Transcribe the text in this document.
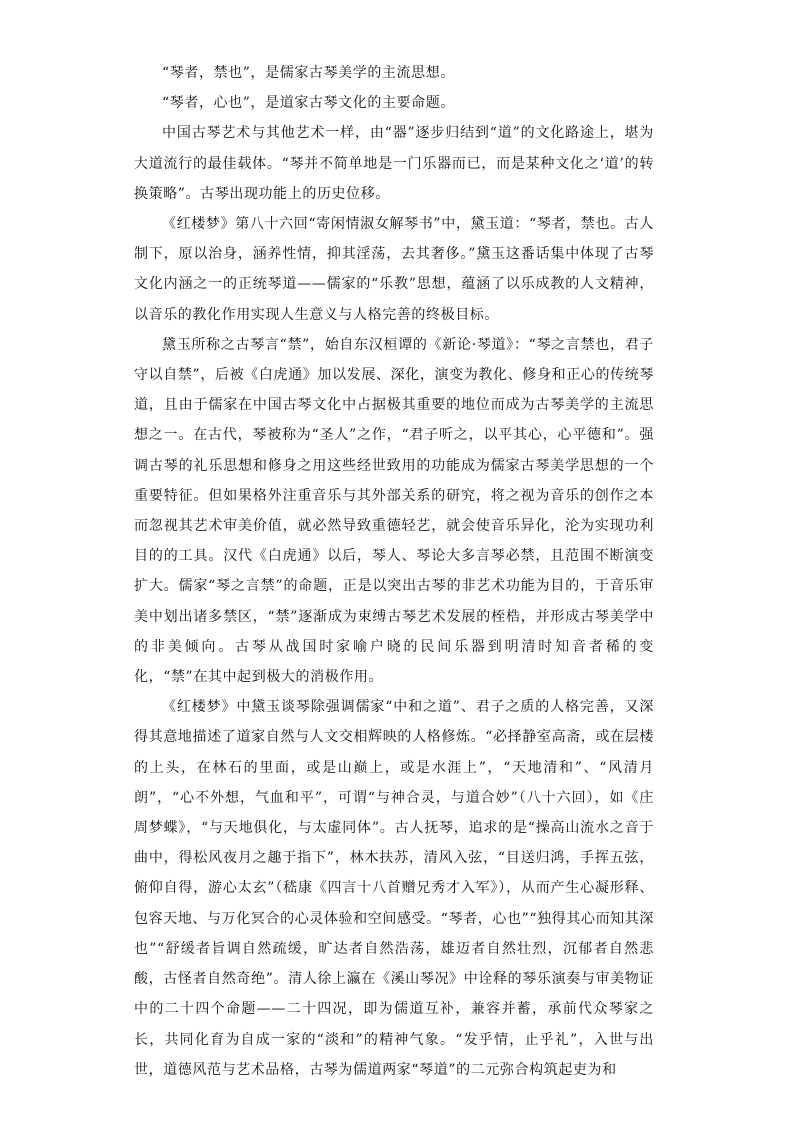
“琴者，禁也”，是儒家古琴美学的主流思想。

“琴者，心也”，是道家古琴文化的主要命题。

中国古琴艺术与其他艺术一样，由“器”逐步归结到“道”的文化路途上，堪为大道流行的最佳载体。“琴并不简单地是一门乐器而已，而是某种文化之‘道’的转换策略”。古琴出现功能上的历史位移。

《红楼梦》第八十六回“寄闲情淑女解琴书”中，黛玉道：“琴者，禁也。古人制下，原以治身，涵养性情，抑其淫荡，去其奢侈。”黛玉这番话集中体现了古琴文化内涵之一的正统琴道——儒家的“乐教”思想，蕴涵了以乐成教的人文精神，以音乐的教化作用实现人生意义与人格完善的终极目标。

黛玉所称之古琴言“禁”，始自东汉桓谭的《新论·琴道》：“琴之言禁也，君子守以自禁”，后被《白虎通》加以发展、深化，演变为教化、修身和正心的传统琴道，且由于儒家在中国古琴文化中占据极其重要的地位而成为古琴美学的主流思想之一。在古代，琴被称为“圣人”之作，“君子听之，以平其心，心平德和”。强调古琴的礼乐思想和修身之用这些经世致用的功能成为儒家古琴美学思想的一个重要特征。但如果格外注重音乐与其外部关系的研究，将之视为音乐的创作之本而忽视其艺术审美价值，就必然导致重德轻艺，就会使音乐异化，沦为实现功利目的的工具。汉代《白虎通》以后，琴人、琴论大多言琴必禁，且范围不断演变扩大。儒家“琴之言禁”的命题，正是以突出古琴的非艺术功能为目的，于音乐审美中划出诸多禁区，“禁”逐渐成为束缚古琴艺术发展的桎梏，并形成古琴美学中的非美倾向。古琴从战国时家喻户晓的民间乐器到明清时知音者稀的变化，“禁”在其中起到极大的消极作用。

《红楼梦》中黛玉谈琴除强调儒家“中和之道”、君子之质的人格完善，又深得其意地描述了道家自然与人文交相辉映的人格修炼。“必择静室高斋，或在层楼的上头，在林石的里面，或是山巅上，或是水涯上”，“天地清和”、“风清月朗”，“心不外想，气血和平”，可谓“与神合灵，与道合妙”（八十六回），如《庄周梦蝶》，“与天地俱化，与太虚同体”。古人抚琴，追求的是“操高山流水之音于曲中，得松风夜月之趣于指下”，林木扶苏，清风入弦，“目送归鸿，手挥五弦，俯仰自得，游心太玄”（嵇康《四言十八首赠兄秀才入军》），从而产生心凝形释、包容天地、与万化冥合的心灵体验和空间感受。“琴者，心也”“独得其心而知其深也”“舒缓者旨调自然疏缓，旷达者自然浩荡，雄迈者自然壮烈，沉郁者自然悲酸，古怪者自然奇绝”。清人徐上瀛在《溪山琴况》中诠释的琴乐演奏与审美物证中的二十四个命题——二十四况，即为儒道互补，兼容并蓄，承前代众琴家之长，共同化育为自成一家的“淡和”的精神气象。“发乎情，止乎礼”，入世与出世，道德风范与艺术品格，古琴为儒道两家“琴道”的二元弥合构筑起吏为和
